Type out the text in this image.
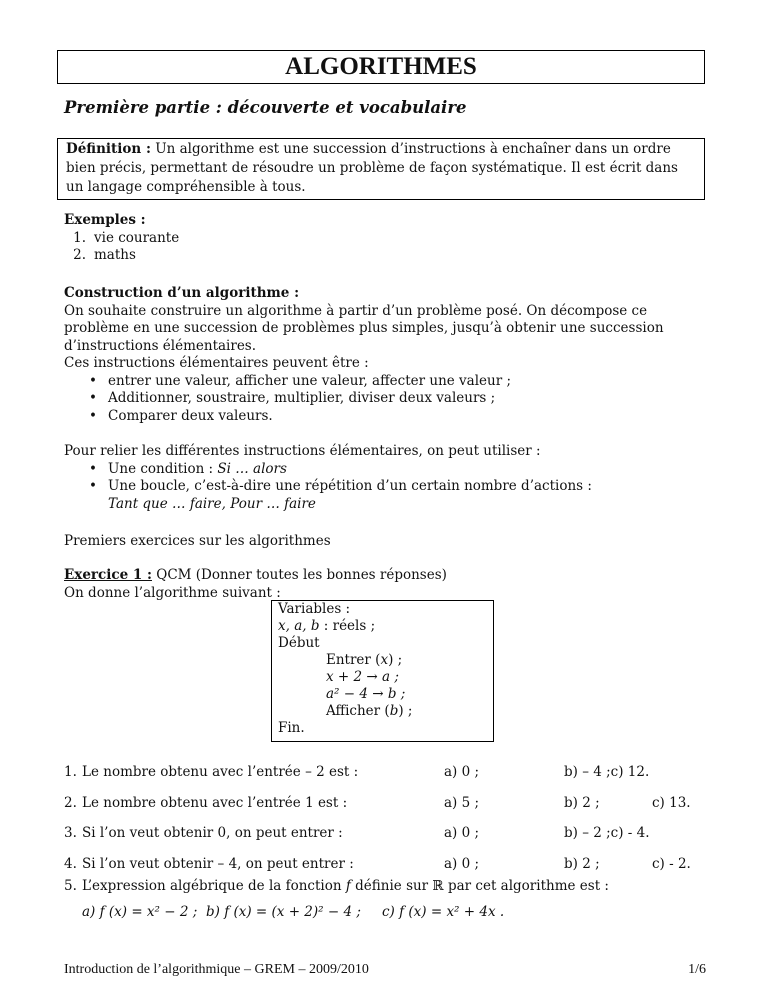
ALGORITHMES
Première partie : découverte et vocabulaire
Définition : Un algorithme est une succession d’instructions à enchaîner dans un ordre bien précis, permettant de résoudre un problème de façon systématique. Il est écrit dans un langage compréhensible à tous.
Exemples :
1. vie courante
2. maths
Construction d’un algorithme :
On souhaite construire un algorithme à partir d’un problème posé. On décompose ce
problème en une succession de problèmes plus simples, jusqu’à obtenir une succession
d’instructions élémentaires.
Ces instructions élémentaires peuvent être :
• entrer une valeur, afficher une valeur, affecter une valeur ;
• Additionner, soustraire, multiplier, diviser deux valeurs ;
• Comparer deux valeurs.
Pour relier les différentes instructions élémentaires, on peut utiliser :
• Une condition : Si … alors
• Une boucle, c’est-à-dire une répétition d’un certain nombre d’actions :
Tant que … faire, Pour … faire
Premiers exercices sur les algorithmes
Exercice 1 : QCM (Donner toutes les bonnes réponses)
On donne l’algorithme suivant :
Variables :
x, a, b : réels ;
Début
Entrer (x) ;
x + 2 → a ;
a² − 4 → b ;
Afficher (b) ;
Fin.
1. Le nombre obtenu avec l’entrée – 2 est :	a) 0 ;	b) – 4 ;c) 12.
2. Le nombre obtenu avec l’entrée 1 est :	a) 5 ;	b) 2 ;	c) 13.
3. Si l’on veut obtenir 0, on peut entrer :	a) 0 ;	b) – 2 ;c) - 4.
4. Si l’on veut obtenir – 4, on peut entrer :	a) 0 ;	b) 2 ;	c) - 2.
5. L’expression algébrique de la fonction f définie sur ℝ par cet algorithme est :
a) f (x) = x² − 2 ; b) f (x) = (x + 2)² − 4 ; c) f (x) = x² + 4x .
Introduction de l’algorithmique – GREM – 2009/2010	1/6
